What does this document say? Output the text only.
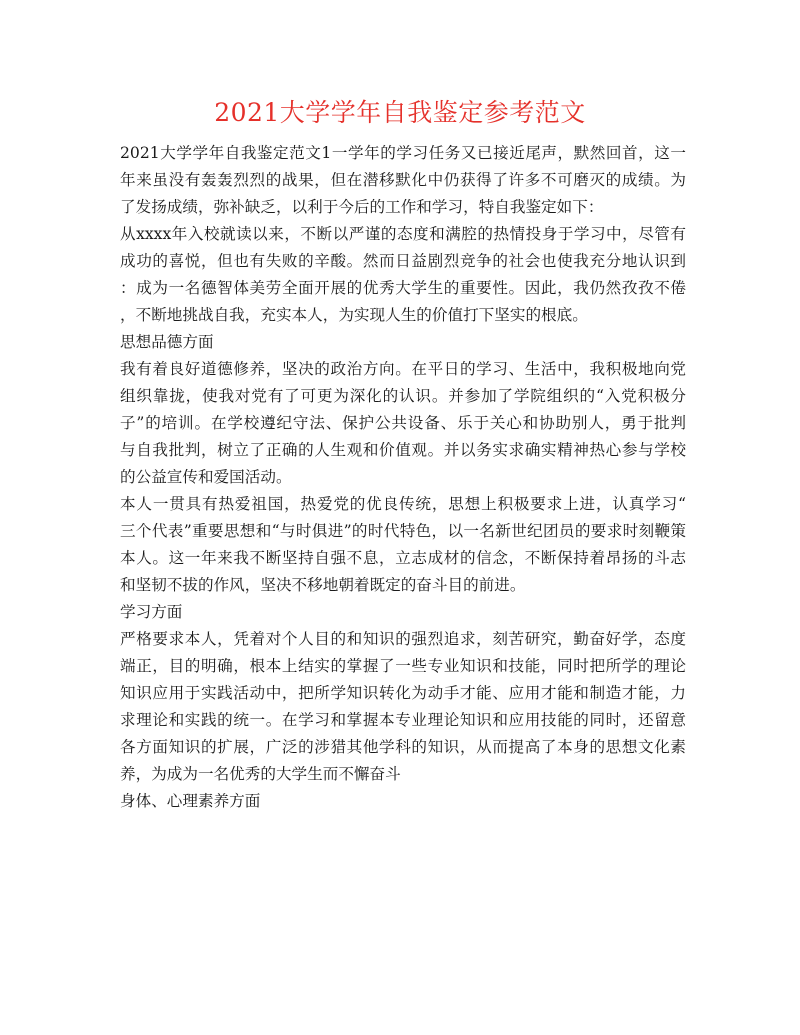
2021大学学年自我鉴定参考范文
2021大学学年自我鉴定范文1一学年的学习任务又已接近尾声，默然回首，这一
年来虽没有轰轰烈烈的战果，但在潜移默化中仍获得了许多不可磨灭的成绩。为
了发扬成绩，弥补缺乏，以利于今后的工作和学习，特自我鉴定如下：
从xxxx年入校就读以来，不断以严谨的态度和满腔的热情投身于学习中，尽管有
成功的喜悦，但也有失败的辛酸。然而日益剧烈竞争的社会也使我充分地认识到
：成为一名德智体美劳全面开展的优秀大学生的重要性。因此，我仍然孜孜不倦
，不断地挑战自我，充实本人，为实现人生的价值打下坚实的根底。
思想品德方面
我有着良好道德修养，坚决的政治方向。在平日的学习、生活中，我积极地向党
组织靠拢，使我对党有了可更为深化的认识。并参加了学院组织的“入党积极分
子”的培训。在学校遵纪守法、保护公共设备、乐于关心和协助别人，勇于批判
与自我批判，树立了正确的人生观和价值观。并以务实求确实精神热心参与学校
的公益宣传和爱国活动。
本人一贯具有热爱祖国，热爱党的优良传统，思想上积极要求上进，认真学习“
三个代表”重要思想和“与时俱进”的时代特色，以一名新世纪团员的要求时刻鞭策
本人。这一年来我不断坚持自强不息，立志成材的信念，不断保持着昂扬的斗志
和坚韧不拔的作风，坚决不移地朝着既定的奋斗目的前进。
学习方面
严格要求本人，凭着对个人目的和知识的强烈追求，刻苦研究，勤奋好学，态度
端正，目的明确，根本上结实的掌握了一些专业知识和技能，同时把所学的理论
知识应用于实践活动中，把所学知识转化为动手才能、应用才能和制造才能，力
求理论和实践的统一。在学习和掌握本专业理论知识和应用技能的同时，还留意
各方面知识的扩展，广泛的涉猎其他学科的知识，从而提高了本身的思想文化素
养，为成为一名优秀的大学生而不懈奋斗
身体、心理素养方面
